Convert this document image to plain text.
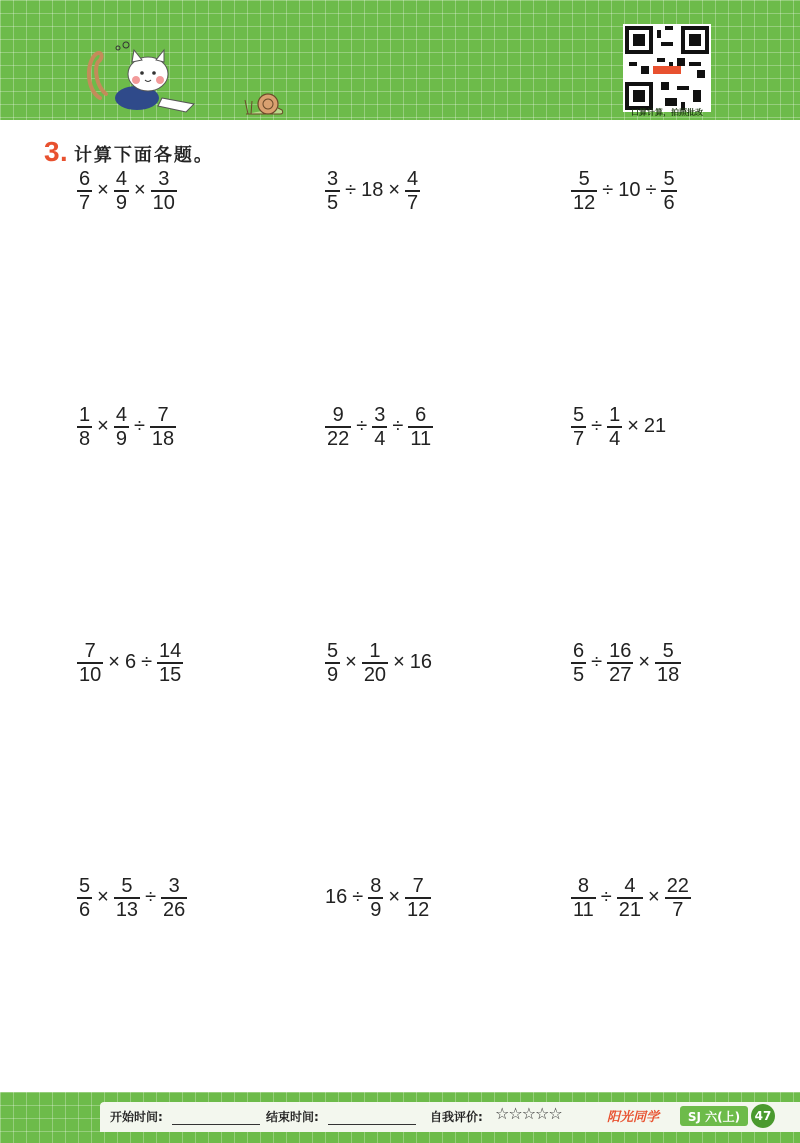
口算计算，拍照批改
3 . 计算下面各题。
$\frac{6}{7} \times \frac{4}{9} \times \frac{3}{10}$	$\frac{3}{5} \div 18 \times \frac{4}{7}$	$\frac{5}{12} \div 10 \div \frac{5}{6}$
$\frac{1}{8} \times \frac{4}{9} \div \frac{7}{18}$	$\frac{9}{22} \div \frac{3}{4} \div \frac{6}{11}$	$\frac{5}{7} \div \frac{1}{4} \times 21$
$\frac{7}{10} \times 6 \div \frac{14}{15}$	$\frac{5}{9} \times \frac{1}{20} \times 16$	$\frac{6}{5} \div \frac{16}{27} \times \frac{5}{18}$
$\frac{5}{6} \times \frac{5}{13} \div \frac{3}{26}$	$16 \div \frac{8}{9} \times \frac{7}{12}$	$\frac{8}{11} \div \frac{4}{21} \times \frac{22}{7}$
开始时间:	结束时间:	自我评价: ☆☆☆☆☆	阳光同学	SJ 六(上)	47
